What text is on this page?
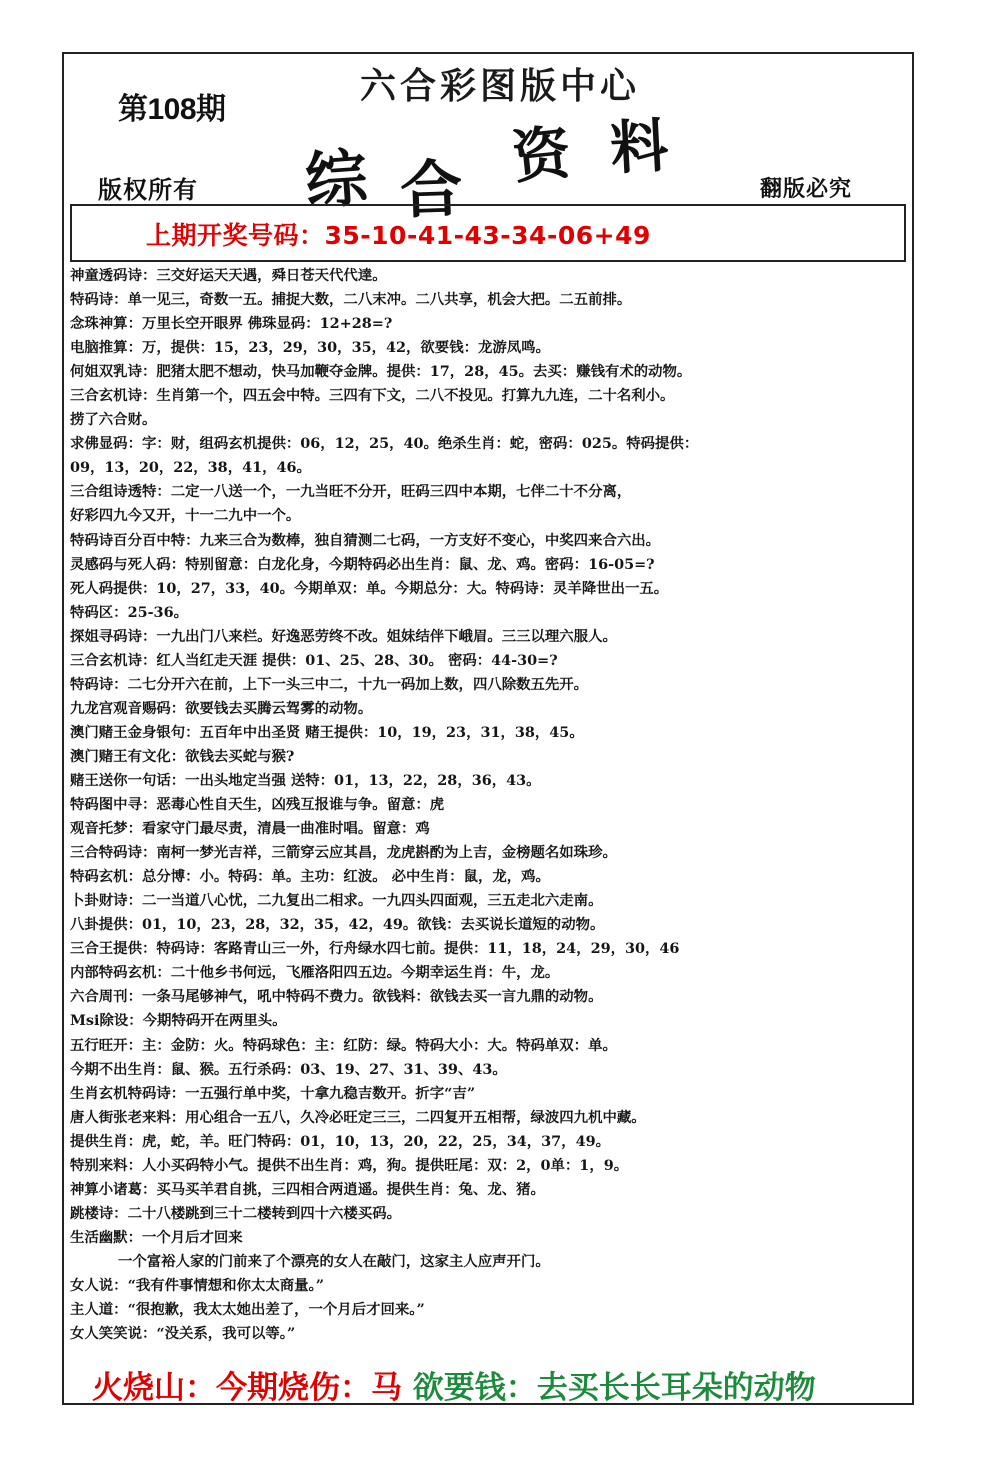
第108期
六合彩图版中心
综 合 资 料
版权所有	翻版必究
上期开奖号码：35-10-41-43-34-06+49
神童透码诗：三交好运天天遇，舜日苍天代代達。
特码诗：单一见三，奇数一五。捕捉大数，二八末冲。二八共享，机会大把。二五前排。
念珠神算：万里长空开眼界 佛珠显码：12+28=?
电脑推算：万，提供：15，23，29，30，35，42，欲要钱：龙游凤鸣。
何姐双乳诗：肥猪太肥不想动，快马加鞭夺金牌。提供：17，28，45。去买：赚钱有术的动物。
三合玄机诗：生肖第一个，四五会中特。三四有下文，二八不投见。打算九九连，二十名利小。
捞了六合财。
求佛显码：字：财，组码玄机提供：06，12，25，40。绝杀生肖：蛇，密码：025。特码提供：
09，13，20，22，38，41，46。
三合组诗透特：二定一八送一个，一九当旺不分开，旺码三四中本期，七伴二十不分离，
好彩四九今又开，十一二九中一个。
特码诗百分百中特：九来三合为数棒，独自猜测二七码，一方支好不变心，中奖四来合六出。
灵感码与死人码：特别留意：白龙化身，今期特码必出生肖：鼠、龙、鸡。密码：16-05=?
死人码提供：10，27，33，40。今期单双：单。今期总分：大。特码诗：灵羊降世出一五。
特码区：25-36。
探姐寻码诗：一九出门八来栏。好逸恶劳终不改。姐妹结伴下峨眉。三三以理六服人。
三合玄机诗：红人当红走天涯 提供：01、25、28、30。 密码：44-30=?
特码诗：二七分开六在前，上下一头三中二，十九一码加上数，四八除数五先开。
九龙宫观音赐码：欲要钱去买腾云驾雾的动物。
澳门赌王金身银句：五百年中出圣贤 赌王提供：10，19，23，31，38，45。
澳门赌王有文化：欲钱去买蛇与猴?
赌王送你一句话：一出头地定当强 送特：01，13，22，28，36，43。
特码图中寻：恶毒心性自天生，凶残互报谁与争。留意：虎
观音托梦：看家守门最尽责，清晨一曲准时唱。留意：鸡
三合特码诗：南柯一梦光吉祥，三箭穿云应其昌，龙虎斟酌为上吉，金榜题名如珠珍。
特码玄机：总分博：小。特码：单。主功：红波。 必中生肖：鼠，龙，鸡。
卜卦财诗：二一当道八心忧，二九复出二相求。一九四头四面观，三五走北六走南。
八卦提供：01，10，23，28，32，35，42，49。欲钱：去买说长道短的动物。
三合王提供：特码诗：客路青山三一外，行舟绿水四七前。提供：11，18，24，29，30，46
内部特码玄机：二十他乡书何远，飞雁洛阳四五边。今期幸运生肖：牛，龙。
六合周刊：一条马尾够神气，吼中特码不费力。欲钱料：欲钱去买一言九鼎的动物。
Msi除设：今期特码开在两里头。
五行旺开：主：金防：火。特码球色：主：红防：绿。特码大小：大。特码单双：单。
今期不出生肖：鼠、猴。五行杀码：03、19、27、31、39、43。
生肖玄机特码诗：一五强行单中奖，十拿九稳吉数开。折字“吉”
唐人街张老来料：用心组合一五八，久冷必旺定三三，二四复开五相帮，绿波四九机中藏。
提供生肖：虎，蛇，羊。旺门特码：01，10，13，20，22，25，34，37，49。
特别来料：人小买码特小气。提供不出生肖：鸡，狗。提供旺尾：双：2，0单：1，9。
神算小诸葛：买马买羊君自挑，三四相合两逍遥。提供生肖：兔、龙、猪。
跳楼诗：二十八楼跳到三十二楼转到四十六楼买码。
生活幽默：一个月后才回来
一个富裕人家的门前来了个漂亮的女人在敲门，这家主人应声开门。
女人说：“我有件事情想和你太太商量。”
主人道：“很抱歉，我太太她出差了，一个月后才回来。”
女人笑笑说：“没关系，我可以等。”
火烧山：今期烧伤：马 欲要钱：去买长长耳朵的动物
